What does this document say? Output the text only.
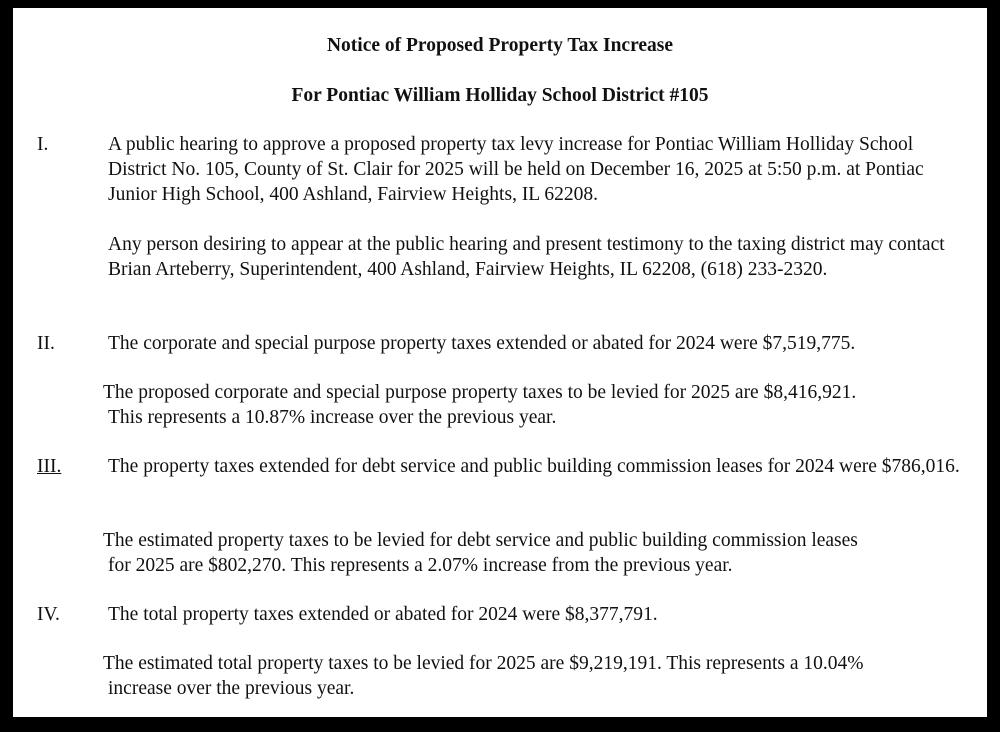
Notice of Proposed Property Tax Increase
For Pontiac William Holliday School District #105
I.	A public hearing to approve a proposed property tax levy increase for Pontiac William Holliday School District No. 105, County of St. Clair for 2025 will be held on December 16, 2025 at 5:50 p.m. at Pontiac Junior High School, 400 Ashland, Fairview Heights, IL 62208.
Any person desiring to appear at the public hearing and present testimony to the taxing district may contact Brian Arteberry, Superintendent, 400 Ashland, Fairview Heights, IL 62208, (618) 233-2320.
II.	The corporate and special purpose property taxes extended or abated for 2024 were $7,519,775.
The proposed corporate and special purpose property taxes to be levied for 2025 are $8,416,921.
This represents a 10.87% increase over the previous year.
III.	The property taxes extended for debt service and public building commission leases for 2024 were $786,016.
The estimated property taxes to be levied for debt service and public building commission leases
for 2025 are $802,270. This represents a 2.07% increase from the previous year.
IV. The total property taxes extended or abated for 2024 were $8,377,791.
The estimated total property taxes to be levied for 2025 are $9,219,191. This represents a 10.04%
increase over the previous year.
